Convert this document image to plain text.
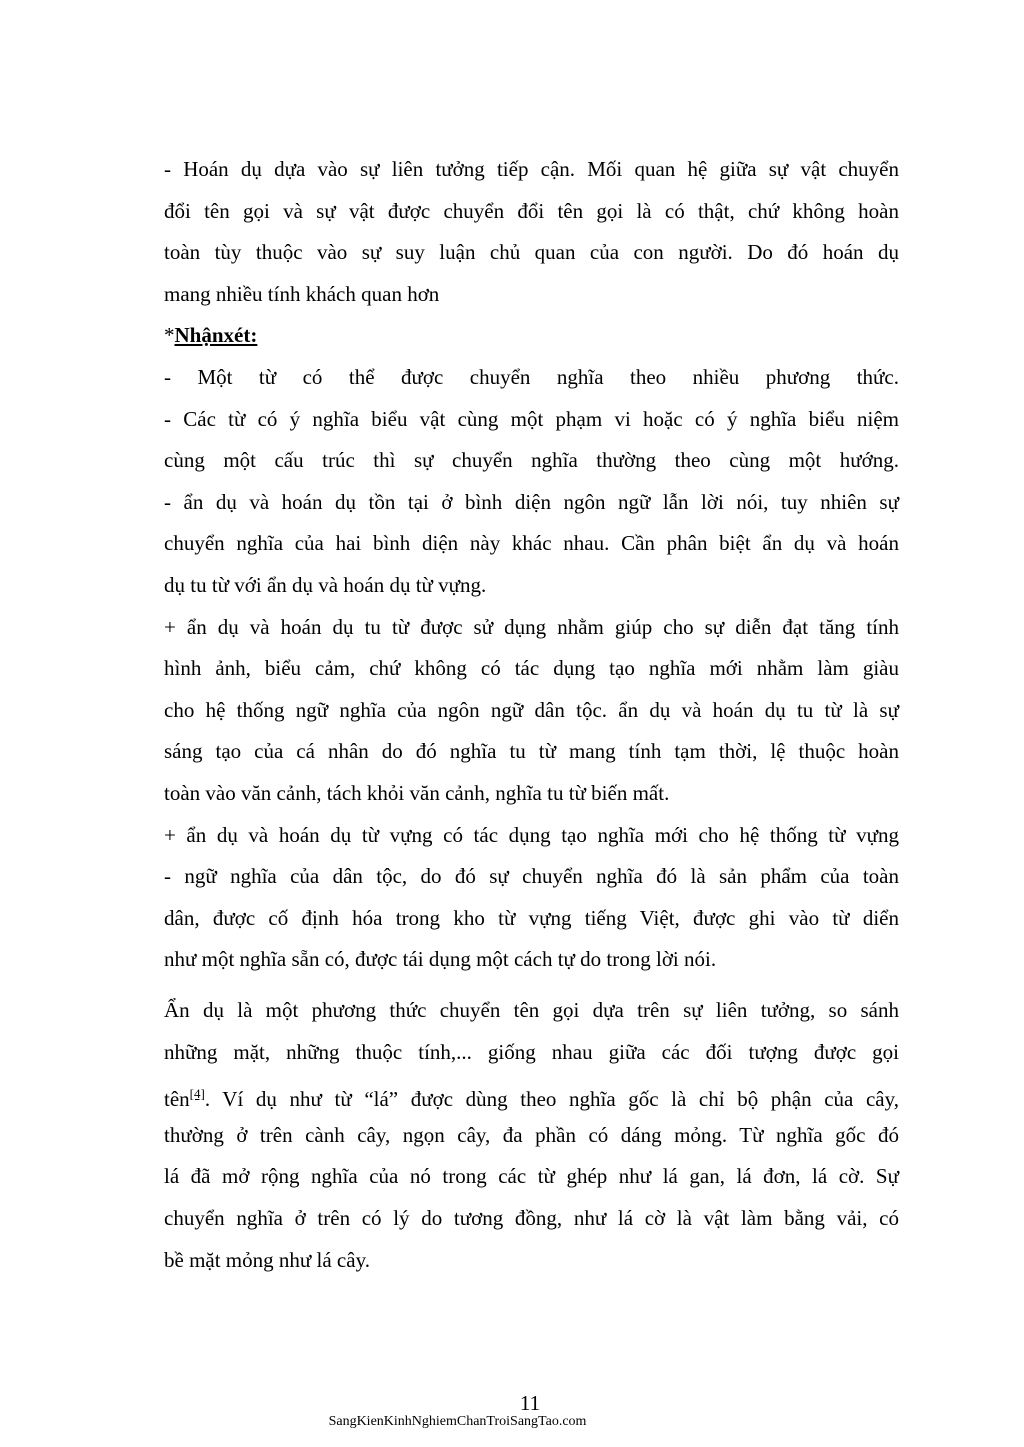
- Hoán dụ dựa vào sự liên tưởng tiếp cận. Mối quan hệ giữa sự vật chuyển
đổi tên gọi và sự vật được chuyển đổi tên gọi là có thật, chứ không hoàn
toàn tùy thuộc vào sự suy luận chủ quan của con người. Do đó hoán dụ
mang nhiều tính khách quan hơn
*Nhậnxét:
- Một từ có thể được chuyển nghĩa theo nhiều phương thức.
- Các từ có ý nghĩa biểu vật cùng một phạm vi hoặc có ý nghĩa biểu niệm
cùng một cấu trúc thì sự chuyển nghĩa thường theo cùng một hướng.
- ẩn dụ và hoán dụ tồn tại ở bình diện ngôn ngữ lẫn lời nói, tuy nhiên sự
chuyển nghĩa của hai bình diện này khác nhau. Cần phân biệt ẩn dụ và hoán
dụ tu từ với ẩn dụ và hoán dụ từ vựng.
+ ẩn dụ và hoán dụ tu từ được sử dụng nhằm giúp cho sự diễn đạt tăng tính
hình ảnh, biểu cảm, chứ không có tác dụng tạo nghĩa mới nhằm làm giàu
cho hệ thống ngữ nghĩa của ngôn ngữ dân tộc. ẩn dụ và hoán dụ tu từ là sự
sáng tạo của cá nhân do đó nghĩa tu từ mang tính tạm thời, lệ thuộc hoàn
toàn vào văn cảnh, tách khỏi văn cảnh, nghĩa tu từ biến mất.
+ ẩn dụ và hoán dụ từ vựng có tác dụng tạo nghĩa mới cho hệ thống từ vựng
- ngữ nghĩa của dân tộc, do đó sự chuyển nghĩa đó là sản phẩm của toàn
dân, được cố định hóa trong kho từ vựng tiếng Việt, được ghi vào từ diển
như một nghĩa sẵn có, được tái dụng một cách tự do trong lời nói.
Ẩn dụ là một phương thức chuyển tên gọi dựa trên sự liên tưởng, so sánh
những mặt, những thuộc tính,... giống nhau giữa các đối tượng được gọi
tên[4]. Ví dụ như từ “lá” được dùng theo nghĩa gốc là chỉ bộ phận của cây,
thường ở trên cành cây, ngọn cây, đa phần có dáng mỏng. Từ nghĩa gốc đó
lá đã mở rộng nghĩa của nó trong các từ ghép như lá gan, lá đơn, lá cờ. Sự
chuyển nghĩa ở trên có lý do tương đồng, như lá cờ là vật làm bằng vải, có
bề mặt mỏng như lá cây.
11
SangKienKinhNghiemChanTroiSangTao.com
